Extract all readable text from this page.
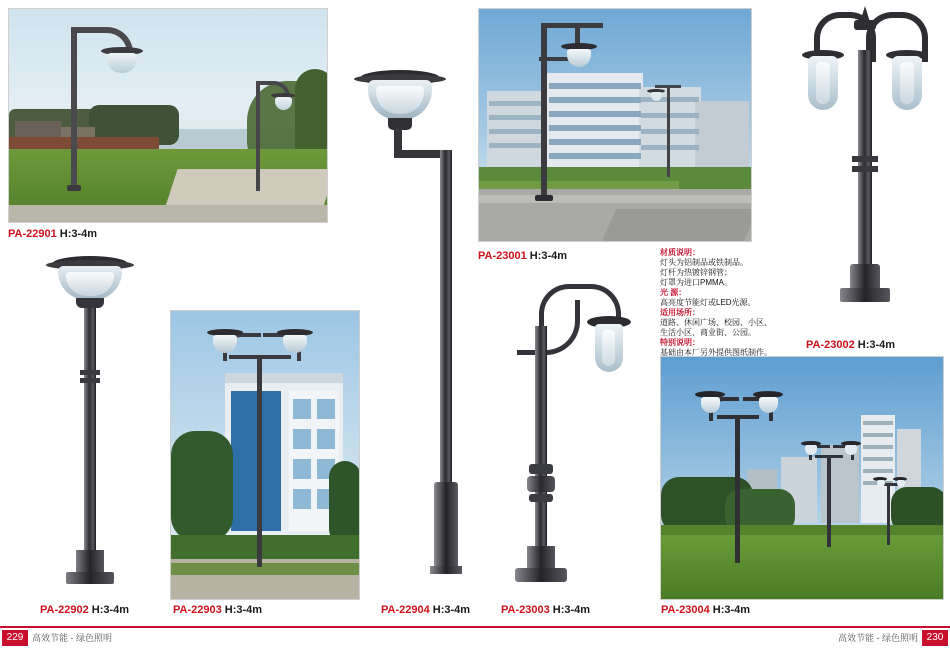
PA-22901 H:3-4m
PA-22902 H:3-4m	PA-22903 H:3-4m	PA-22904 H:3-4m
PA-23001 H:3-4m	材质说明：
灯头为铝制品或铁制品。
灯杆为热镀锌钢管；
灯罩为进口PMMA。
光 源：
高亮度节能灯或LED光源。
适用场所：
道路、休闲广场、校园、小区、
生活小区、商业街、公园。
特别说明：
基础由本厂另外提供图纸制作。
PA-23002 H:3-4m
PA-23003 H:3-4m	PA-23004 H:3-4m
229 高效节能 - 绿色照明	230
高效节能 - 绿色照明
